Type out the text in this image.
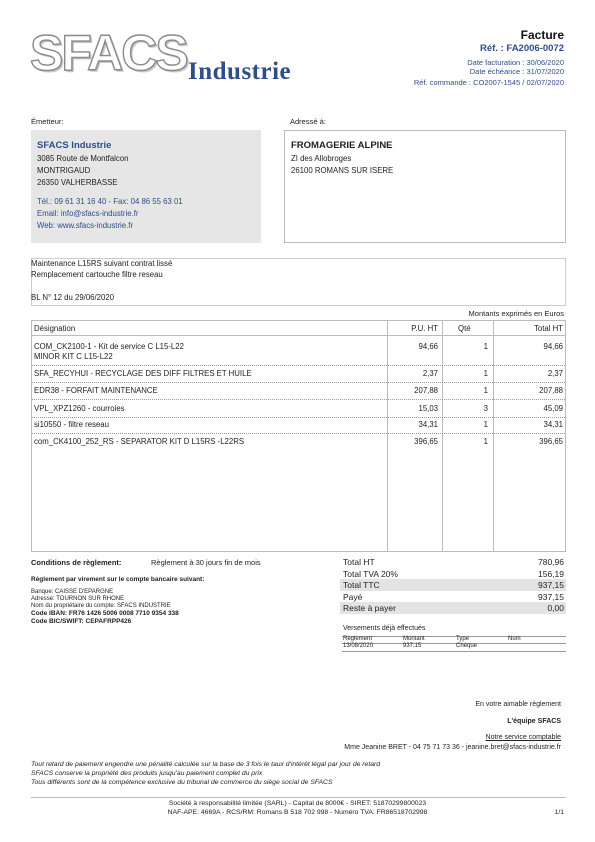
SFACS Industrie
Facture
Réf. : FA2006-0072
Date facturation : 30/06/2020
Date échéance : 31/07/2020
Réf. commande : CO2007-1545 / 02/07/2020
Émetteur:
SFACS Industrie
3085 Route de Montfalcon
MONTRIGAUD
26350 VALHERBASSE
Tél.: 09 61 31 16 40 - Fax: 04 86 55 63 01
Email: info@sfacs-industrie.fr
Web: www.sfacs-industrie.fr
Adressé à:
FROMAGERIE ALPINE
ZI des Allobroges
26100 ROMANS SUR ISERE
Maintenance L15RS suivant contrat lissé
Remplacement cartouche filtre reseau
BL N° 12 du 29/06/2020
Montants exprimés en Euros
Désignation	P.U. HT	Qté	Total HT
COM_CK2100-1 - Kit de service C L15-L22
MINOR KIT C L15-L22
94,66	1	94,66
SFA_RECYHUI - RECYCLAGE DES DIFF FILTRES ET HUILE	2,37	1	2,37
EDR38 - FORFAIT MAINTENANCE	207,88	1	207,88
VPL_XPZ1260 - courroies	15,03	3	45,09
si10550 - filtre reseau	34,31	1	34,31
com_CK4100_252_RS - SEPARATOR KIT D L15RS -L22RS	396,65	1	396,65
Conditions de règlement:	Règlement à 30 jours fin de mois
Règlement par virement sur le compte bancaire suivant:
Banque: CAISSE D'EPARGNE
Adresse: TOURNON SUR RHONE
Nom du propriétaire du compte: SFACS INDUSTRIE
Code IBAN: FR76 1426 5006 0008 7710 9354 338
Code BIC/SWIFT: CEPAFRPP426
Total HT	780,96
Total TVA 20%	156,19
Total TTC	937,15
Payé	937,15
Reste à payer	0,00
Versements déjà effectués
Règlement	Montant	Type	Num
13/08/2020	937,15	Chèque
En votre aimable règlement
L'équipe SFACS
Notre service comptable
Mme Jeanine BRET - 04 75 71 73 36 - jeanine.bret@sfacs-industrie.fr
Tout retard de paiement engendre une pénalité calculée sur la base de 3 fois le taux d'intérêt légal par jour de retard
SFACS conserve la propriété des produits jusqu'au paiement complet du prix
Tous différents sont de la compétence exclusive du tribunal de commerce du siège social de SFACS
Société à responsabilité limitée (SARL) - Capital de 8000€ - SIRET: 51870299800023
NAF-APE: 4669A - RCS/RM: Romans B 518 702 998 - Numéro TVA: FR86518702998	1/1
